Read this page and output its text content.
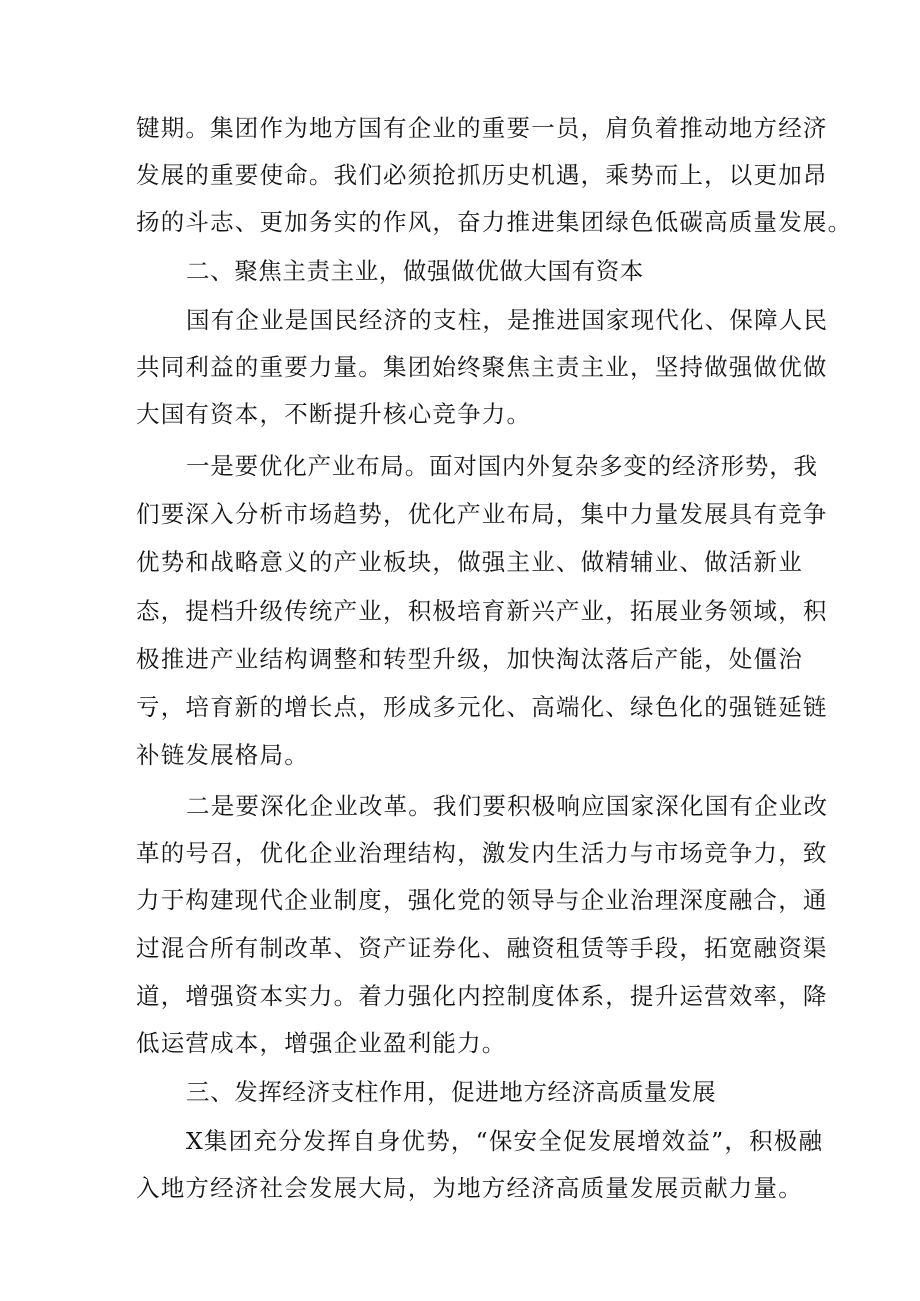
键期。集团作为地方国有企业的重要一员，肩负着推动地方经济
发展的重要使命。我们必须抢抓历史机遇，乘势而上，以更加昂
扬的斗志、更加务实的作风，奋力推进集团绿色低碳高质量发展。
二、聚焦主责主业，做强做优做大国有资本
国有企业是国民经济的支柱，是推进国家现代化、保障人民
共同利益的重要力量。集团始终聚焦主责主业，坚持做强做优做
大国有资本，不断提升核心竞争力。
一是要优化产业布局。面对国内外复杂多变的经济形势，我
们要深入分析市场趋势，优化产业布局，集中力量发展具有竞争
优势和战略意义的产业板块，做强主业、做精辅业、做活新业
态，提档升级传统产业，积极培育新兴产业，拓展业务领域，积
极推进产业结构调整和转型升级，加快淘汰落后产能，处僵治
亏，培育新的增长点，形成多元化、高端化、绿色化的强链延链
补链发展格局。
二是要深化企业改革。我们要积极响应国家深化国有企业改
革的号召，优化企业治理结构，激发内生活力与市场竞争力，致
力于构建现代企业制度，强化党的领导与企业治理深度融合，通
过混合所有制改革、资产证券化、融资租赁等手段，拓宽融资渠
道，增强资本实力。着力强化内控制度体系，提升运营效率，降
低运营成本，增强企业盈利能力。
三、发挥经济支柱作用，促进地方经济高质量发展
X集团充分发挥自身优势，“保安全促发展增效益”，积极融
入地方经济社会发展大局，为地方经济高质量发展贡献力量。
